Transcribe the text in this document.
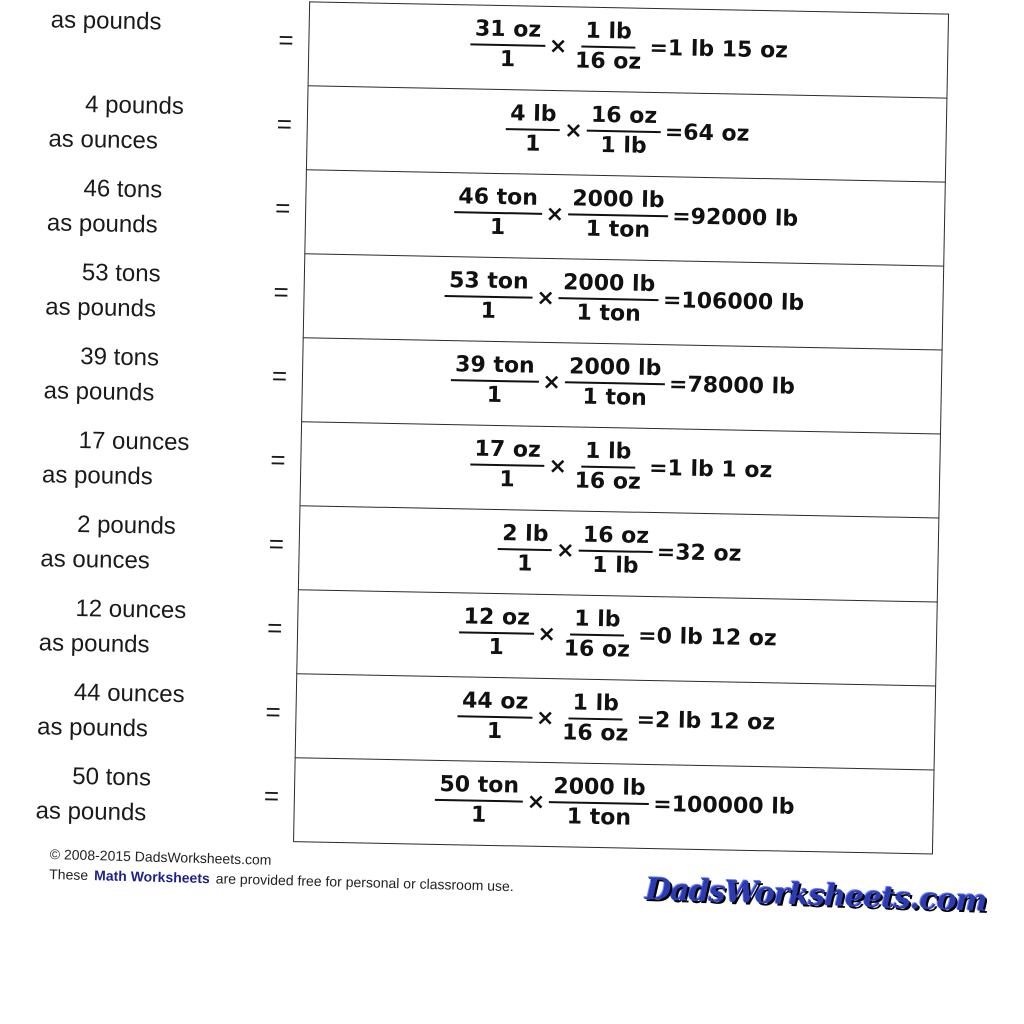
as pounds
=	$\frac{31 oz}{1} \times \frac{1 lb}{16 oz} =1$ lb 15 oz
4 pounds
as ounces
=	$\frac{4 lb}{1} \times \frac{16 oz}{1 lb} =64$ oz
46 tons
as pounds
=	$\frac{\text{46 ton}}{1} \times \frac{2000 lb}{\text{1 ton}} =92000$ lb
53 tons
as pounds
=	$\frac{\text{53 ton}}{1} \times \frac{2000 lb}{\text{1 ton}} =106000$ lb
39 tons
as pounds
=	$\frac{\text{39 ton}}{1} \times \frac{2000 lb}{\text{1 ton}} =78000$ lb
17 ounces
as pounds
=	$\frac{17 oz}{1} \times \frac{1 lb}{16 oz} =1$ lb 1 oz
2 pounds
as ounces
=	$\frac{2 lb}{1} \times \frac{16 oz}{1 lb} =32$ oz
12 ounces
as pounds
=	$\frac{12 oz}{1} \times \frac{1 lb}{16 oz} =0$ lb 12 oz
44 ounces
as pounds
=	$\frac{44 oz}{1} \times \frac{1 lb}{16 oz} =2$ lb 12 oz
50 tons
as pounds
=	$\frac{\text{50 ton}}{1} \times \frac{2000 lb}{\text{1 ton}} =100000$ lb
© 2008-2015 DadsWorksheets.com
These Math Worksheets are provided free for personal or classroom use.	DadsWorksheets.com
